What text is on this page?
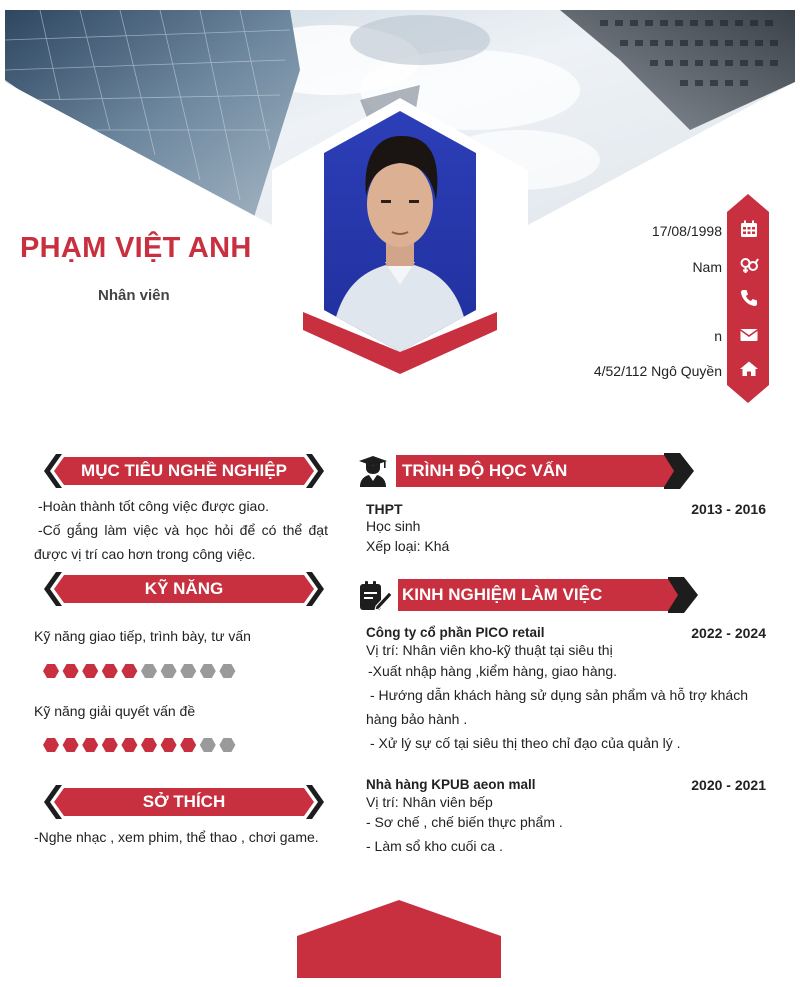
PHẠM VIỆT ANH
Nhân viên
17/08/1998
Nam
n
4/52/112 Ngô Quyền
MỤC TIÊU NGHỀ NGHIỆP
-Hoàn thành tốt công việc được giao.
-Cố gắng làm việc và học hỏi để có thể đạt
được vị trí cao hơn trong công việc.
KỸ NĂNG
Kỹ năng giao tiếp, trình bày, tư vấn
Kỹ năng giải quyết vấn đề
SỞ THÍCH
-Nghe nhạc , xem phim, thể thao , chơi game.
TRÌNH ĐỘ HỌC VẤN
THPT	2013 - 2016
Học sinh
Xếp loại: Khá
KINH NGHIỆM LÀM VIỆC
Công ty cổ phần PICO retail	2022 - 2024
Vị trí: Nhân viên kho-kỹ thuật tại siêu thị
-Xuất nhập hàng ,kiểm hàng, giao hàng.
- Hướng dẫn khách hàng sử dụng sản phẩm và hỗ trợ khách
hàng bảo hành .
- Xử lý sự cố tại siêu thị theo chỉ đạo của quản lý .
Nhà hàng KPUB aeon mall	2020 - 2021
Vị trí: Nhân viên bếp
- Sơ chế , chế biến thực phẩm .
- Làm sổ kho cuối ca .
